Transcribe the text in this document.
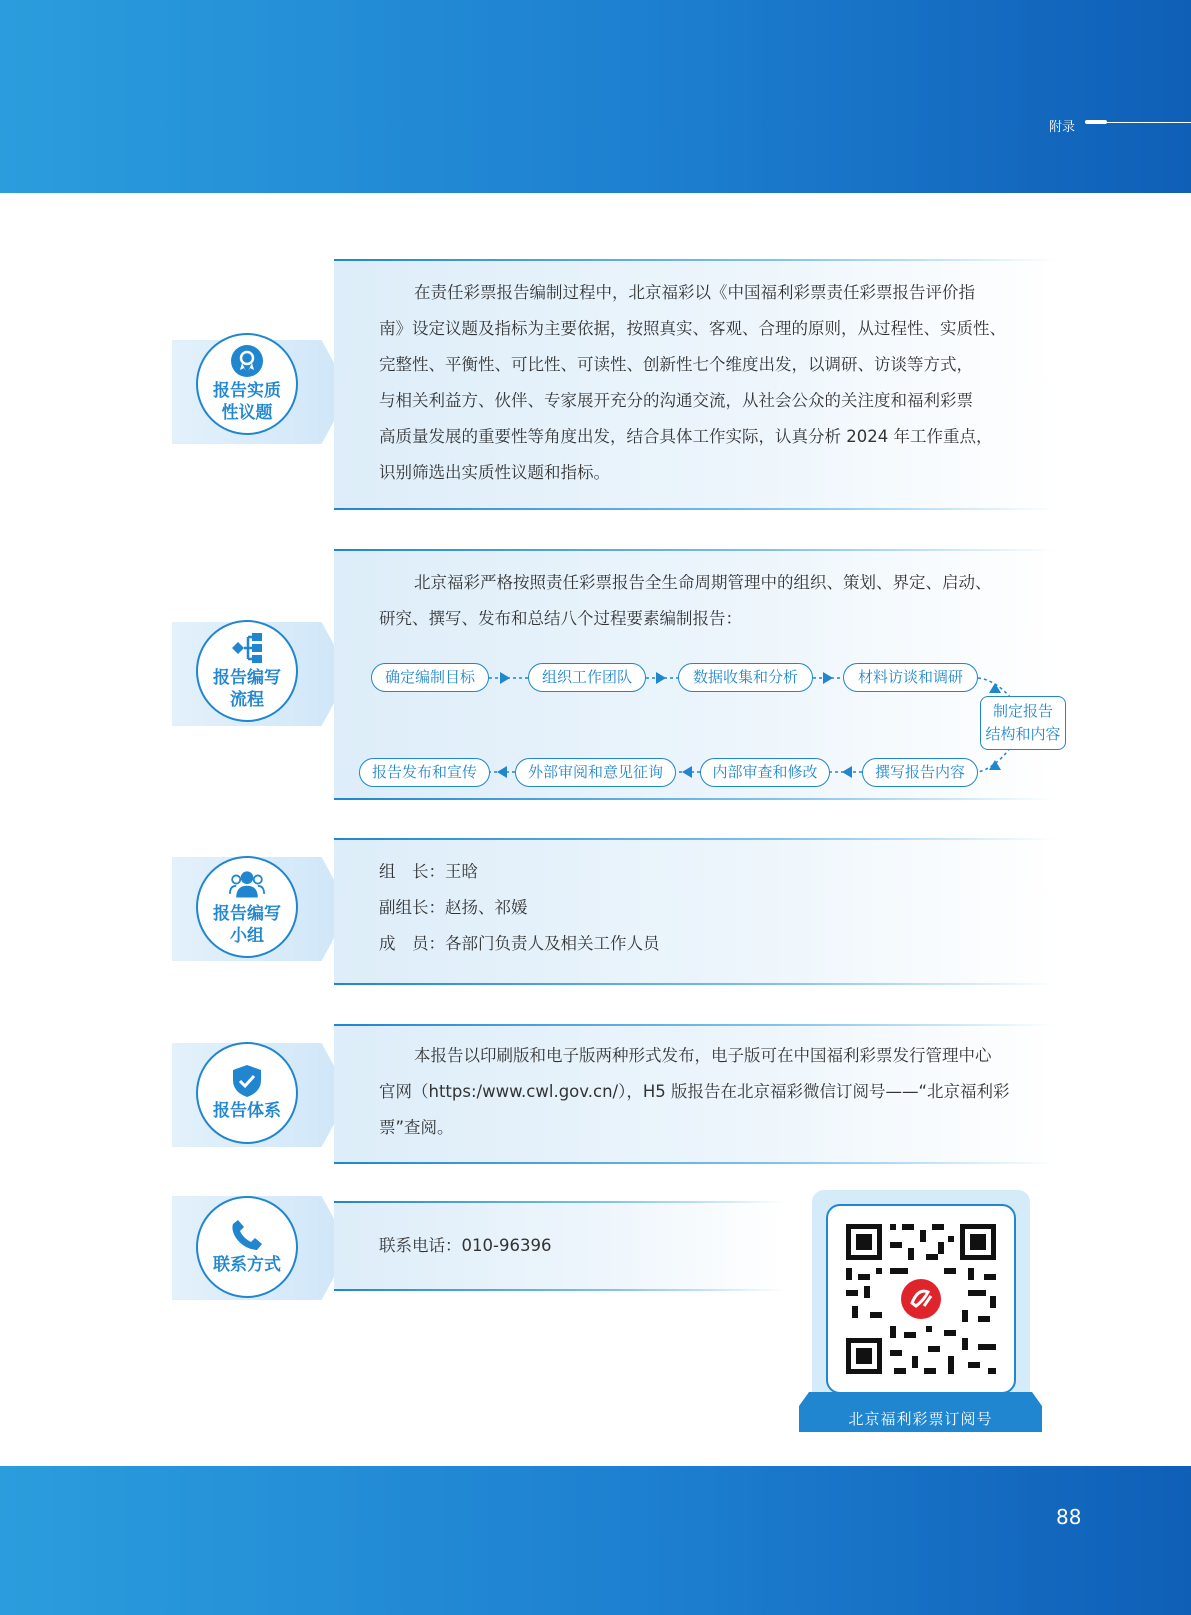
附录
在责任彩票报告编制过程中，北京福彩以《中国福利彩票责任彩票报告评价指
南》设定议题及指标为主要依据，按照真实、客观、合理的原则，从过程性、实质性、
完整性、平衡性、可比性、可读性、创新性七个维度出发，以调研、访谈等方式，
与相关利益方、伙伴、专家展开充分的沟通交流，从社会公众的关注度和福利彩票
高质量发展的重要性等角度出发，结合具体工作实际，认真分析 2024 年工作重点，
识别筛选出实质性议题和指标。
报告实质
性议题
北京福彩严格按照责任彩票报告全生命周期管理中的组织、策划、界定、启动、
研究、撰写、发布和总结八个过程要素编制报告：
报告编写
流程
确定编制目标	组织工作团队	数据收集和分析	材料访谈和调研
制定报告
结构和内容
撰写报告内容
内部审查和修改
外部审阅和意见征询
报告发布和宣传
组　长：王晗
副组长：赵扬、祁媛
成　员：各部门负责人及相关工作人员
报告编写
小组
本报告以印刷版和电子版两种形式发布，电子版可在中国福利彩票发行管理中心
官网（https:/www.cwl.gov.cn/），H5 版报告在北京福彩微信订阅号——“北京福利彩
票”查阅。
报告体系
联系电话：010-96396
联系方式
北京福利彩票订阅号
88
